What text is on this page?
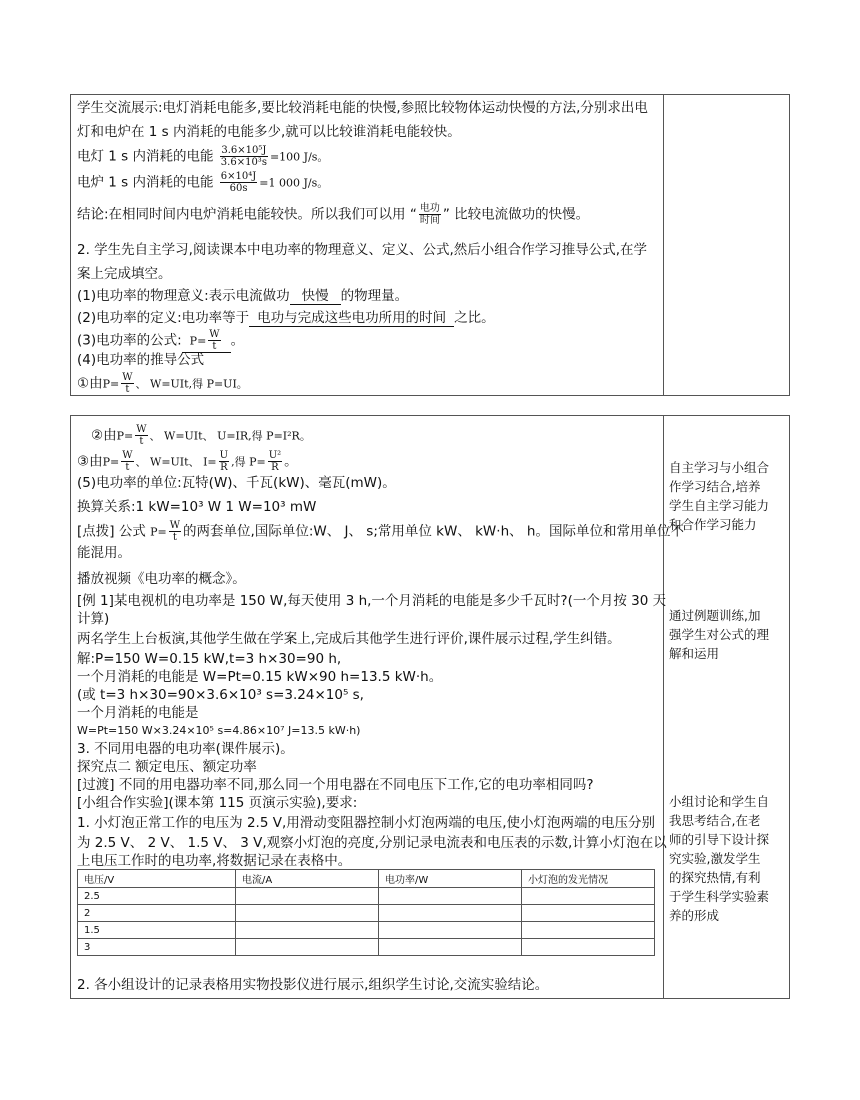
学生交流展示:电灯消耗电能多,要比较消耗电能的快慢,参照比较物体运动快慢的方法,分别求出电
灯和电炉在 1 s 内消耗的电能多少,就可以比较谁消耗电能较快。
电灯 1 s 内消耗的电能 $\frac{\text{3.6×10⁵J}}{\text{3.6×10³s}} =100$ J/s。
电炉 1 s 内消耗的电能 $\frac{\text{6×10⁴J}}{60s} =1$ 000 J/s。
结论:在相同时间内电炉消耗电能较快。所以我们可以用 “ $\frac{\text{电功}}{\text{时间}}$ ” 比较电流做功的快慢。
2. 学生先自主学习,阅读课本中电功率的物理意义、定义、公式,然后小组合作学习推导公式,在学
案上完成填空。
(1)电功率的物理意义:表示电流做功 快慢 的物理量。
(2)电功率的定义:电功率等于 电功与完成这些电功所用的时间 之比。
(3)电功率的公式: $P= \frac{W}{t}$ 。
(4)电功率的推导公式
①由$P= \frac{W}{t}$ 、 W=UIt,得 P=UI。
②由$P= \frac{W}{t}$ 、 W=UIt、 U=IR,得 P=I²R。
③由$P= \frac{W}{t}$ 、 W=UIt、 $I= \frac{U}{R}$ ,得 $P= \frac{\text{U²}}{R}$ 。
(5)电功率的单位:瓦特(W)、千瓦(kW)、毫瓦(mW)。
换算关系:1 kW=10³ W 1 W=10³ mW
[点拨] 公式 $P= \frac{W}{t}$ 的两套单位,国际单位:W、 J、 s;常用单位 kW、 kW·h、 h。国际单位和常用单位不
能混用。
播放视频《电功率的概念》。
[例 1]某电视机的电功率是 150 W,每天使用 3 h,一个月消耗的电能是多少千瓦时?(一个月按 30 天
计算)
两名学生上台板演,其他学生做在学案上,完成后其他学生进行评价,课件展示过程,学生纠错。
解:P=150 W=0.15 kW,t=3 h×30=90 h,
一个月消耗的电能是 W=Pt=0.15 kW×90 h=13.5 kW·h。
(或 t=3 h×30=90×3.6×10³ s=3.24×10⁵ s,
一个月消耗的电能是
W=Pt=150 W×3.24×10⁵ s=4.86×10⁷ J=13.5 kW·h)
3. 不同用电器的电功率(课件展示)。
探究点二 额定电压、额定功率
[过渡] 不同的用电器功率不同,那么同一个用电器在不同电压下工作,它的电功率相同吗?
[小组合作实验](课本第 115 页演示实验),要求:
1. 小灯泡正常工作的电压为 2.5 V,用滑动变阻器控制小灯泡两端的电压,使小灯泡两端的电压分别
为 2.5 V、 2 V、 1.5 V、 3 V,观察小灯泡的亮度,分别记录电流表和电压表的示数,计算小灯泡在以
上电压工作时的电功率,将数据记录在表格中。
电压/V	电流/A	电功率/W	小灯泡的发光情况
2.5			
2			
1.5			
3			
2. 各小组设计的记录表格用实物投影仪进行展示,组织学生讨论,交流实验结论。
自主学习与小组合
作学习结合,培养
学生自主学习能力
和合作学习能力
通过例题训练,加
强学生对公式的理
解和运用
小组讨论和学生自
我思考结合,在老
师的引导下设计探
究实验,激发学生
的探究热情,有利
于学生科学实验素
养的形成
